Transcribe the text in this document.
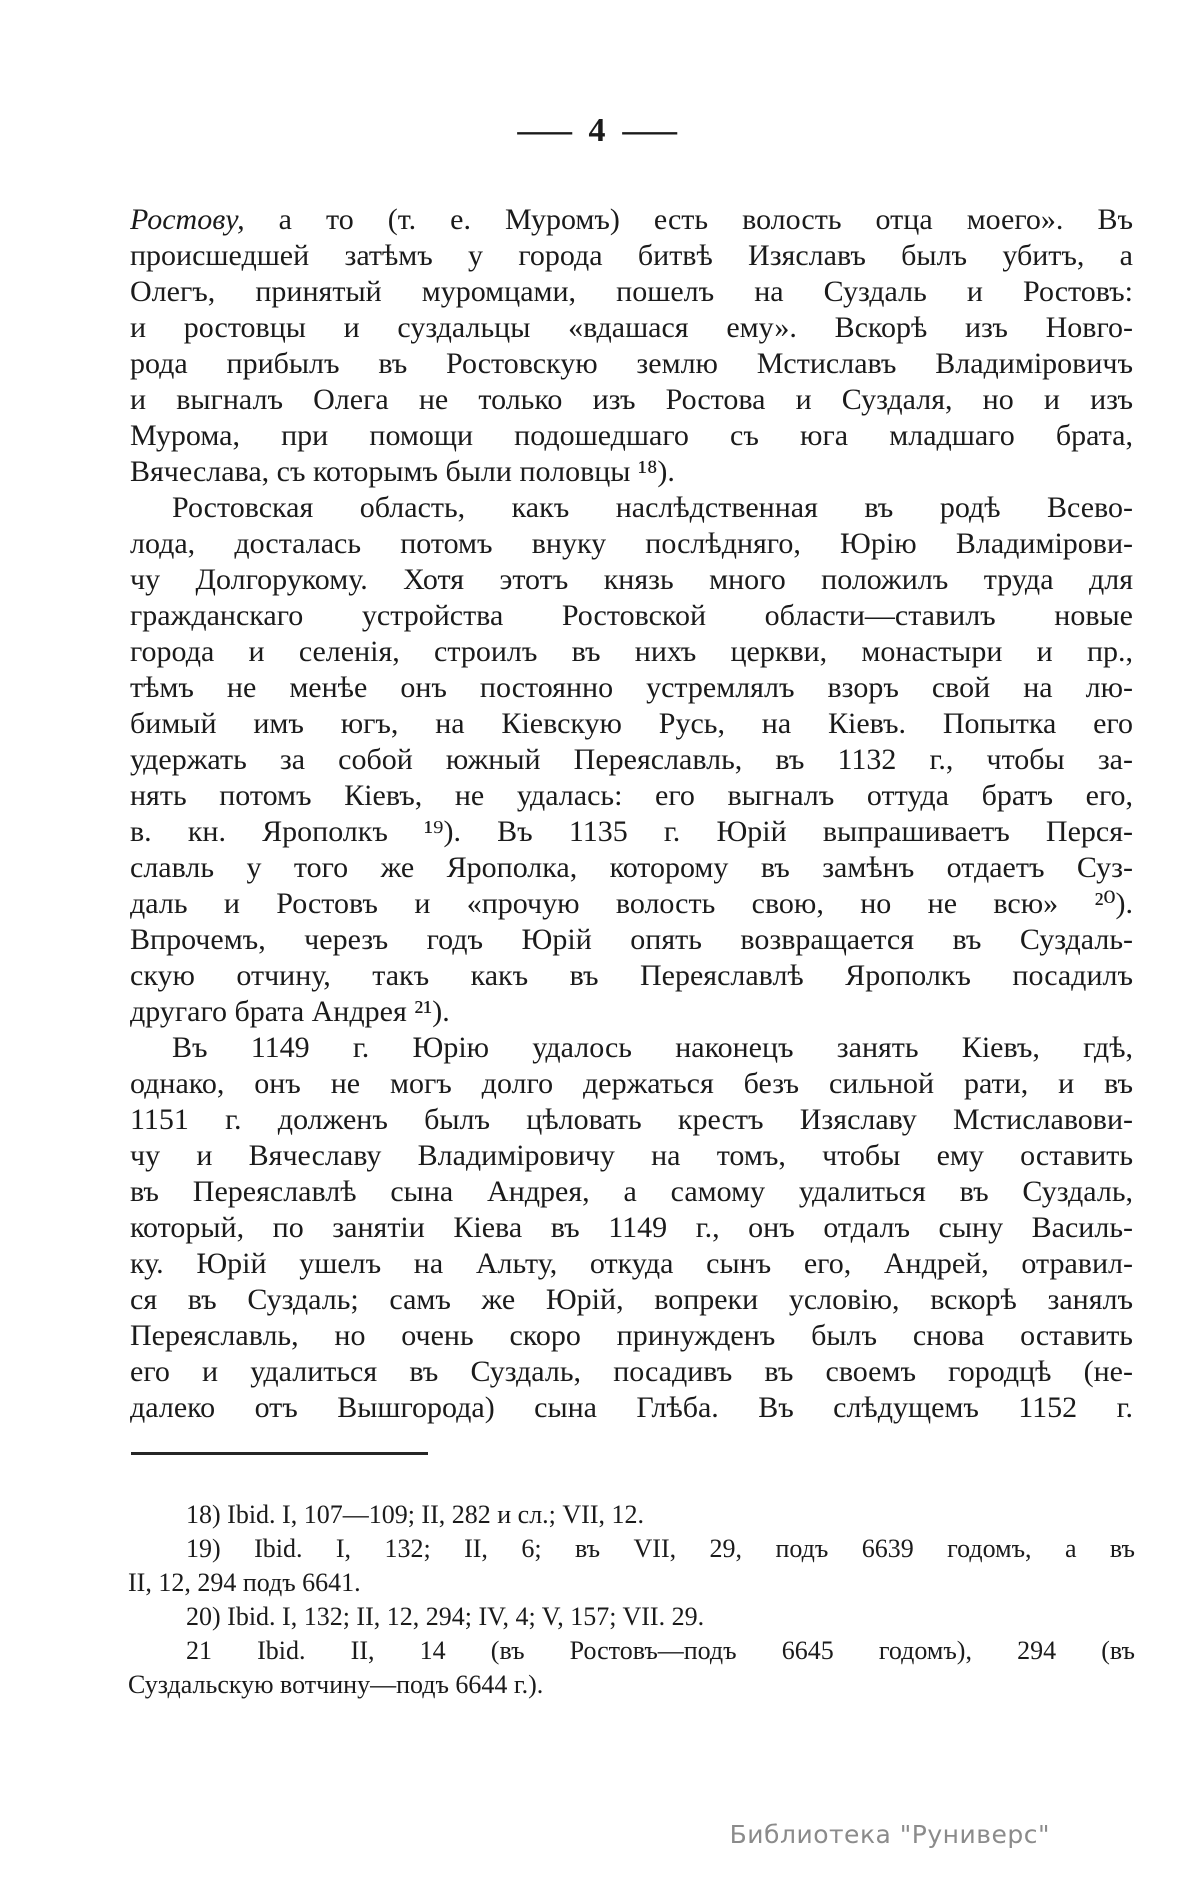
— 4 —
Ростову, а то (т. е. Муромъ) есть волость отца моего». Въ
происшедшей затѣмъ у города битвѣ Изяславъ былъ убитъ, а
Олегъ, принятый муромцами, пошелъ на Суздаль и Ростовъ:
и ростовцы и суздальцы «вдашася ему». Вскорѣ изъ Новго-
рода прибылъ въ Ростовскую землю Мстиславъ Владиміровичъ
и выгналъ Олега не только изъ Ростова и Суздаля, но и изъ
Мурома, при помощи подошедшаго съ юга младшаго брата,
Вячеслава, съ которымъ были половцы ¹⁸).
Ростовская область, какъ наслѣдственная въ родѣ Всево-
лода, досталась потомъ внуку послѣдняго, Юрію Владимірови-
чу Долгорукому. Хотя этотъ князь много положилъ труда для
гражданскаго устройства Ростовской области—ставилъ новые
города и селенія, строилъ въ нихъ церкви, монастыри и пр.,
тѣмъ не менѣе онъ постоянно устремлялъ взоръ свой на лю-
бимый имъ югъ, на Кіевскую Русь, на Кіевъ. Попытка его
удержать за собой южный Переяславль, въ 1132 г., чтобы за-
нять потомъ Кіевъ, не удалась: его выгналъ оттуда братъ его,
в. кн. Ярополкъ ¹⁹). Въ 1135 г. Юрій выпрашиваетъ Перся-
славль у того же Ярополка, которому въ замѣнъ отдаетъ Суз-
даль и Ростовъ и «прочую волость свою, но не всю» ²⁰).
Впрочемъ, черезъ годъ Юрій опять возвращается въ Суздаль-
скую отчину, такъ какъ въ Переяславлѣ Ярополкъ посадилъ
другаго брата Андрея ²¹).
Въ 1149 г. Юрію удалось наконецъ занять Кіевъ, гдѣ,
однако, онъ не могъ долго держаться безъ сильной рати, и въ
1151 г. долженъ былъ цѣловать крестъ Изяславу Мстиславови-
чу и Вячеславу Владиміровичу на томъ, чтобы ему оставить
въ Переяславлѣ сына Андрея, а самому удалиться въ Суздаль,
который, по занятіи Кіева въ 1149 г., онъ отдалъ сыну Василь-
ку. Юрій ушелъ на Альту, откуда сынъ его, Андрей, отравил-
ся въ Суздаль; самъ же Юрій, вопреки условію, вскорѣ занялъ
Переяславль, но очень скоро принужденъ былъ снова оставить
его и удалиться въ Суздаль, посадивъ въ своемъ городцѣ (не-
далеко отъ Вышгорода) сына Глѣба. Въ слѣдущемъ 1152 г.
18) Ibid. I, 107—109; II, 282 и сл.; VII, 12.
19) Ibid. I, 132; II, 6; въ VII, 29, подъ 6639 годомъ, а въ
II, 12, 294 подъ 6641.
20) Ibid. I, 132; II, 12, 294; IV, 4; V, 157; VII. 29.
21 Ibid. II, 14 (въ Ростовъ—подъ 6645 годомъ), 294 (въ
Суздальскую вотчину—подъ 6644 г.).
Библиотека "Руниверс"
